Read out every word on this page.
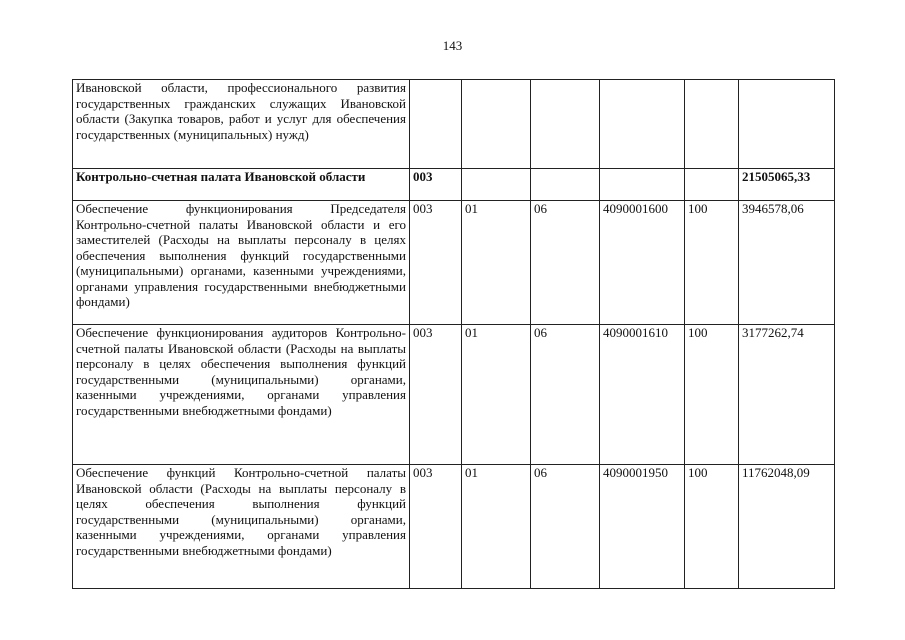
143
Ивановской области, профессионального развития государственных гражданских служащих Ивановской области (Закупка товаров, работ и услуг для обеспечения государственных (муниципальных) нужд)						
Контрольно-счетная палата Ивановской области	003					21505065,33
Обеспечение функционирования Председателя Контрольно-счетной палаты Ивановской области и его заместителей (Расходы на выплаты персоналу в целях обеспечения выполнения функций государственными (муниципальными) органами, казенными учреждениями, органами управления государственными внебюджетными фондами)	003	01	06	4090001600	100	3946578,06
Обеспечение функционирования аудиторов Контрольно-счетной палаты Ивановской области (Расходы на выплаты персоналу в целях обеспечения выполнения функций государственными (муниципальными) органами, казенными учреждениями, органами управления государственными внебюджетными фондами)	003	01	06	4090001610	100	3177262,74
Обеспечение функций Контрольно-счетной палаты Ивановской области (Расходы на выплаты персоналу в целях обеспечения выполнения функций государственными (муниципальными) органами, казенными учреждениями, органами управления государственными внебюджетными фондами)	003	01	06	4090001950	100	11762048,09
